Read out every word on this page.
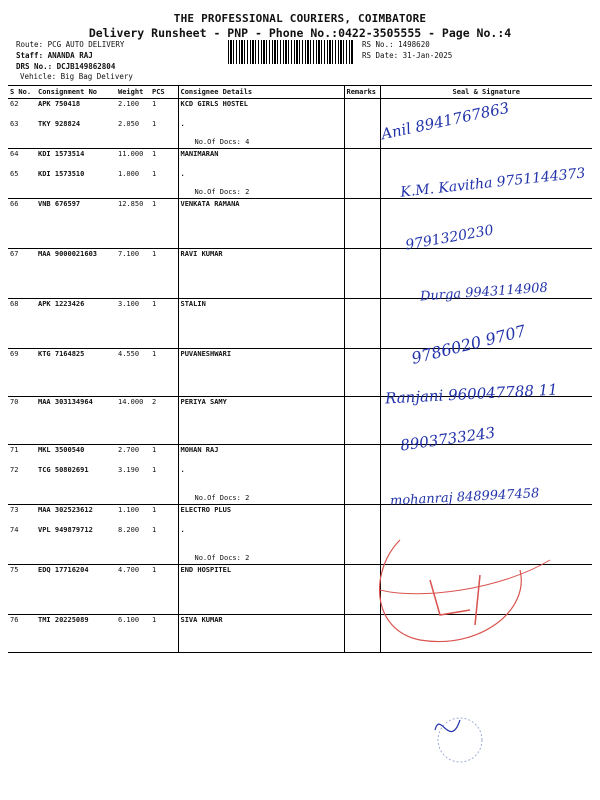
THE PROFESSIONAL COURIERS, COIMBATORE
Delivery Runsheet - PNP - Phone No.:0422-3505555 - Page No.:4
Route: PCG AUTO DELIVERY
Staff: ANANDA RAJ
DRS No.: DCJB149862804
Vehicle: Big Bag Delivery
RS No.: 1498620
RS Date: 31-Jan-2025
S No.	Consignment No	Weight	PCS	Consignee Details	Remarks	Seal & Signature
62	APK 750418	2.100	1	KCD GIRLS HOSTEL		
63	TKY 928824	2.050	1	.
No.Of Docs: 4		

64	KDI 1573514	11.000	1	MANIMARAN		
65	KDI 1573510	1.000	1	.
No.Of Docs: 2		

66	VNB 676597	12.850	1	VENKATA RAMANA		
67	MAA 9000021603	7.100	1	RAVI KUMAR		
68	APK 1223426	3.100	1	STALIN		
69	KTG 7164825	4.550	1	PUVANESHWARI		
70	MAA 303134964	14.000	2	PERIYA SAMY		
71	MKL 3500540	2.700	1	MOHAN RAJ		
72	TCG 50802691	3.190	1	.
No.Of Docs: 2		

73	MAA 302523612	1.100	1	ELECTRO PLUS		
74	VPL 949879712	8.200	1	.
No.Of Docs: 2		

75	EDQ 17716204	4.700	1	END HOSPITEL		
76	TMI 20225089	6.100	1	SIVA KUMAR		
Anil 8941767863
K.M. Kavitha 9751144373
9791320230
Durga 9943114908
9786020 9707
Ranjani 960047788 11
8903733243
mohanraj 8489947458
